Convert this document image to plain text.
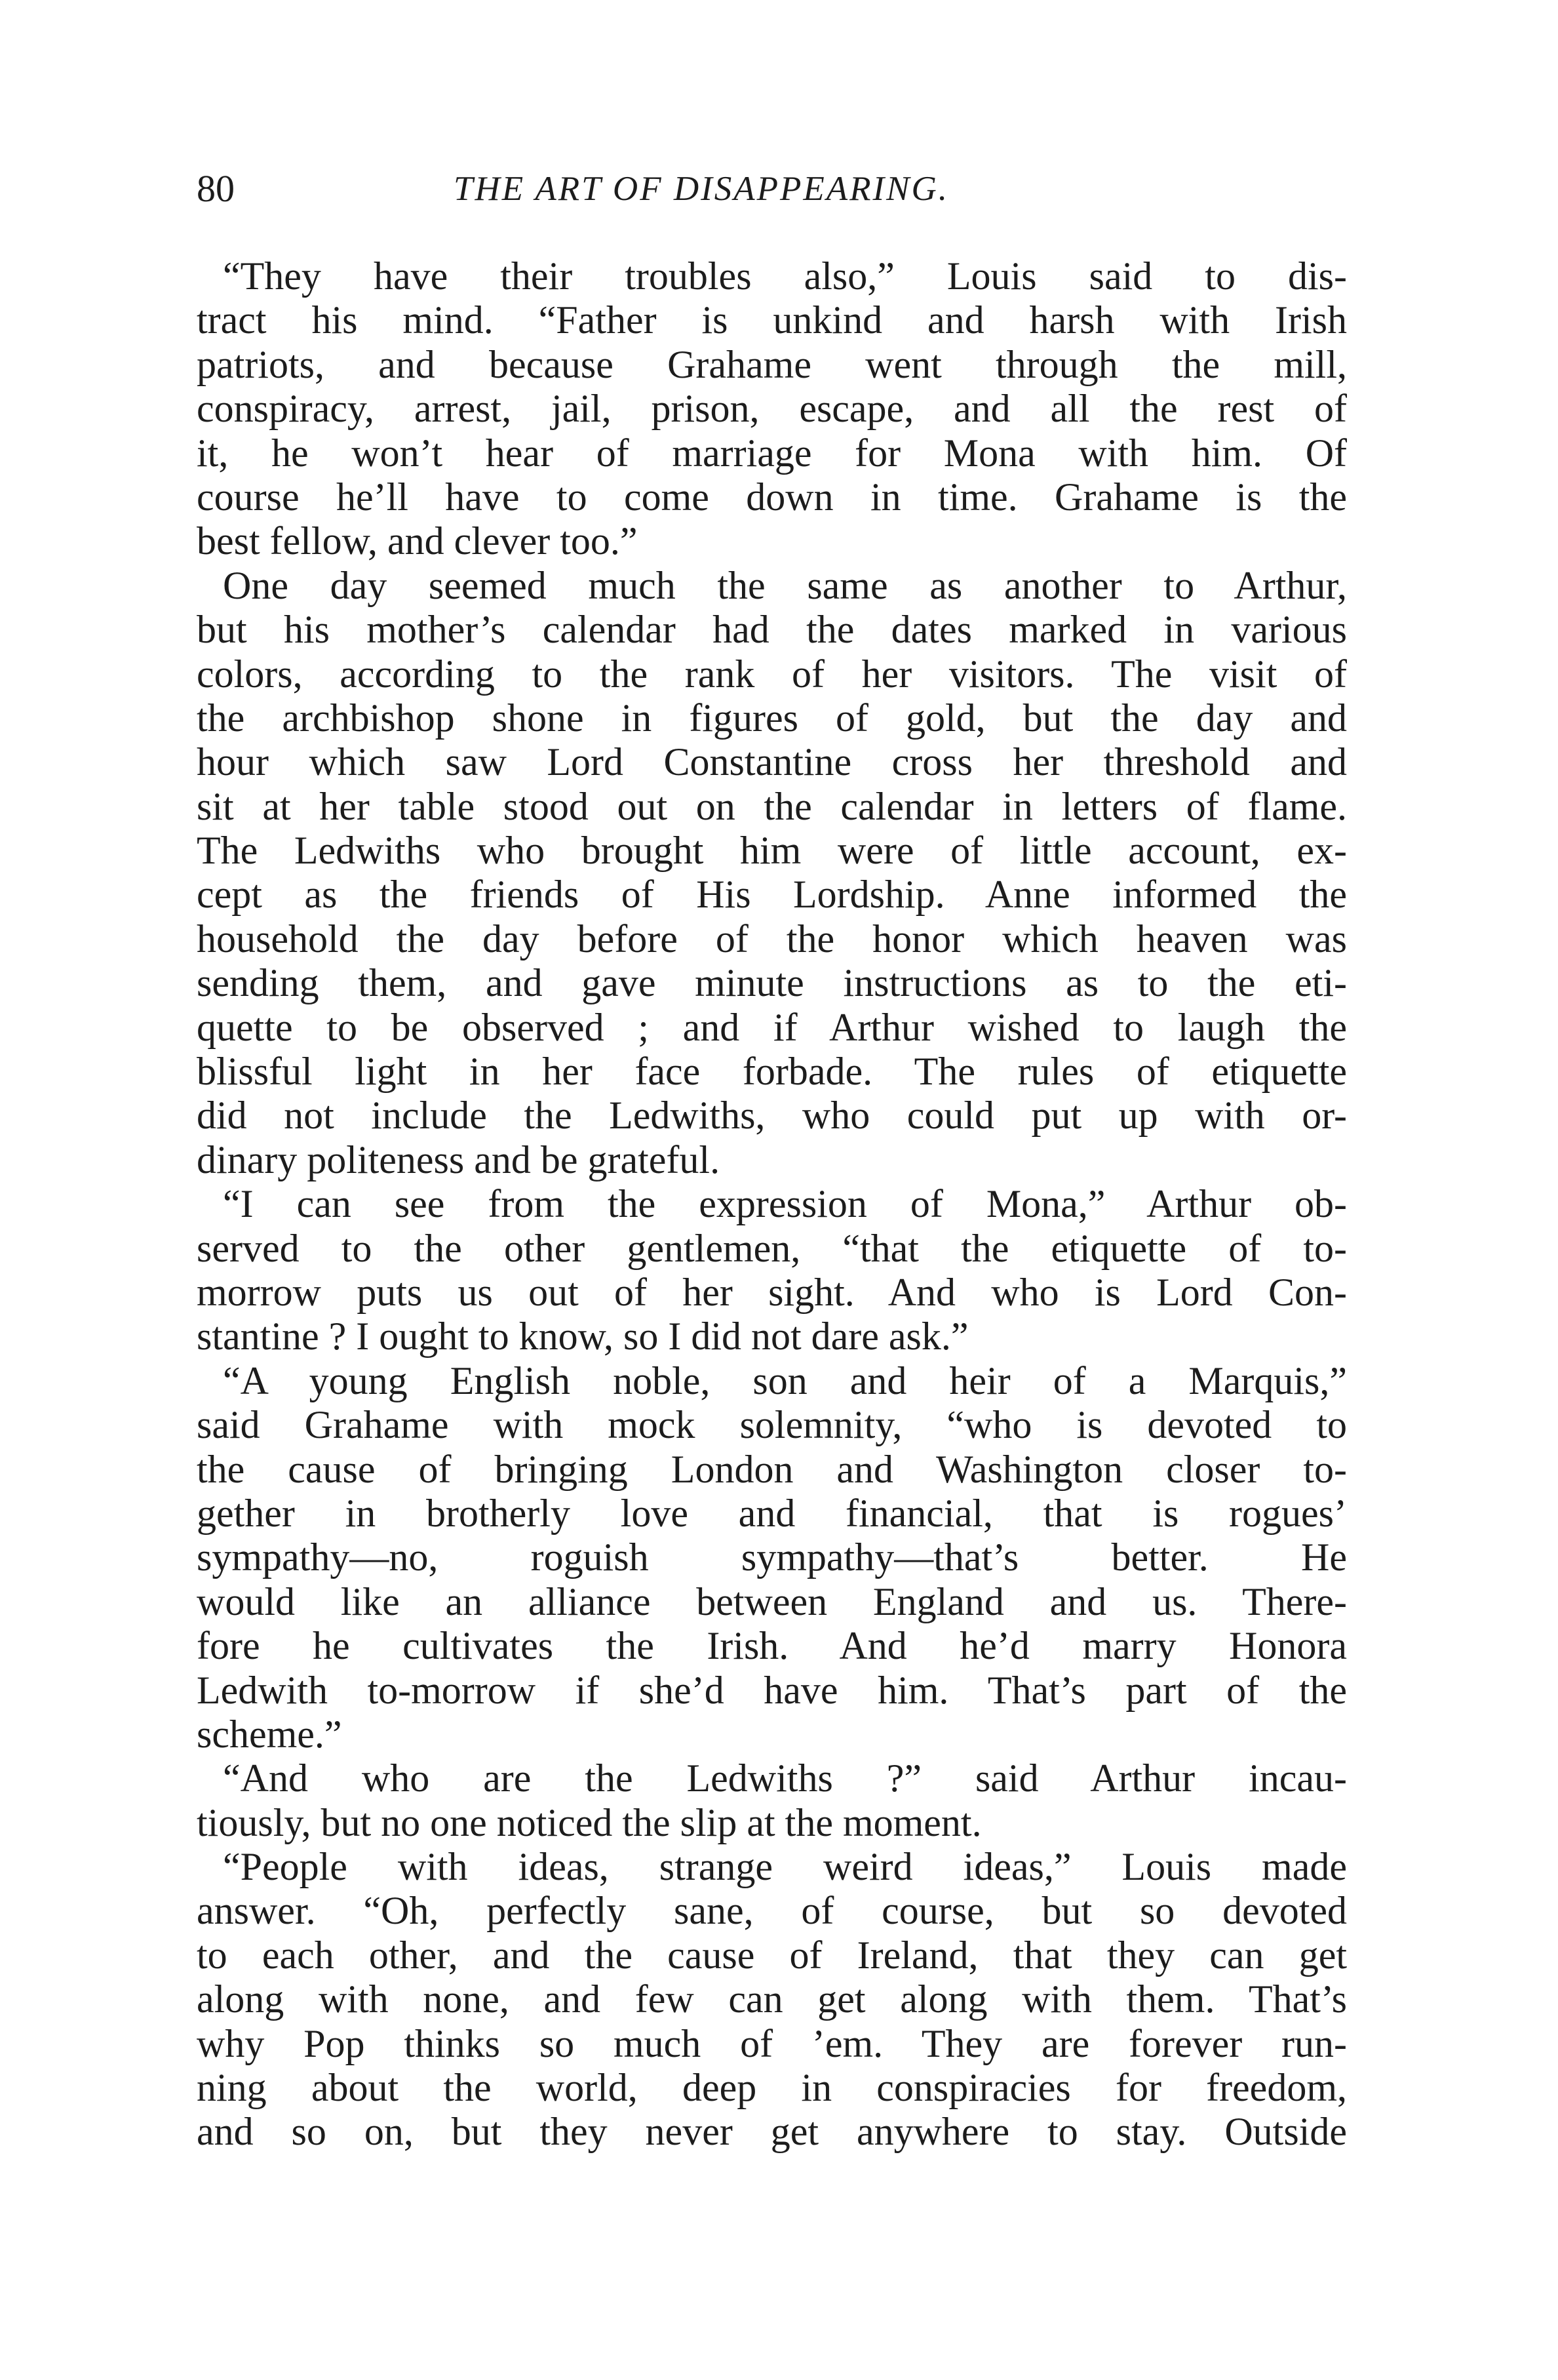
80	THE ART OF DISAPPEARING.
“They have their troubles also,” Louis said to dis-
tract his mind. “Father is unkind and harsh with Irish
patriots, and because Grahame went through the mill,
conspiracy, arrest, jail, prison, escape, and all the rest of
it, he won’t hear of marriage for Mona with him. Of
course he’ll have to come down in time. Grahame is the
best fellow, and clever too.”
One day seemed much the same as another to Arthur,
but his mother’s calendar had the dates marked in various
colors, according to the rank of her visitors. The visit of
the archbishop shone in figures of gold, but the day and
hour which saw Lord Constantine cross her threshold and
sit at her table stood out on the calendar in letters of flame.
The Ledwiths who brought him were of little account, ex-
cept as the friends of His Lordship. Anne informed the
household the day before of the honor which heaven was
sending them, and gave minute instructions as to the eti-
quette to be observed ; and if Arthur wished to laugh the
blissful light in her face forbade. The rules of etiquette
did not include the Ledwiths, who could put up with or-
dinary politeness and be grateful.
“I can see from the expression of Mona,” Arthur ob-
served to the other gentlemen, “that the etiquette of to-
morrow puts us out of her sight. And who is Lord Con-
stantine ? I ought to know, so I did not dare ask.”
“A young English noble, son and heir of a Marquis,”
said Grahame with mock solemnity, “who is devoted to
the cause of bringing London and Washington closer to-
gether in brotherly love and financial, that is rogues’
sympathy—no, roguish sympathy—that’s better. He
would like an alliance between England and us. There-
fore he cultivates the Irish. And he’d marry Honora
Ledwith to-morrow if she’d have him. That’s part of the
scheme.”
“And who are the Ledwiths ?” said Arthur incau-
tiously, but no one noticed the slip at the moment.
“People with ideas, strange weird ideas,” Louis made
answer. “Oh, perfectly sane, of course, but so devoted
to each other, and the cause of Ireland, that they can get
along with none, and few can get along with them. That’s
why Pop thinks so much of ’em. They are forever run-
ning about the world, deep in conspiracies for freedom,
and so on, but they never get anywhere to stay. Outside
